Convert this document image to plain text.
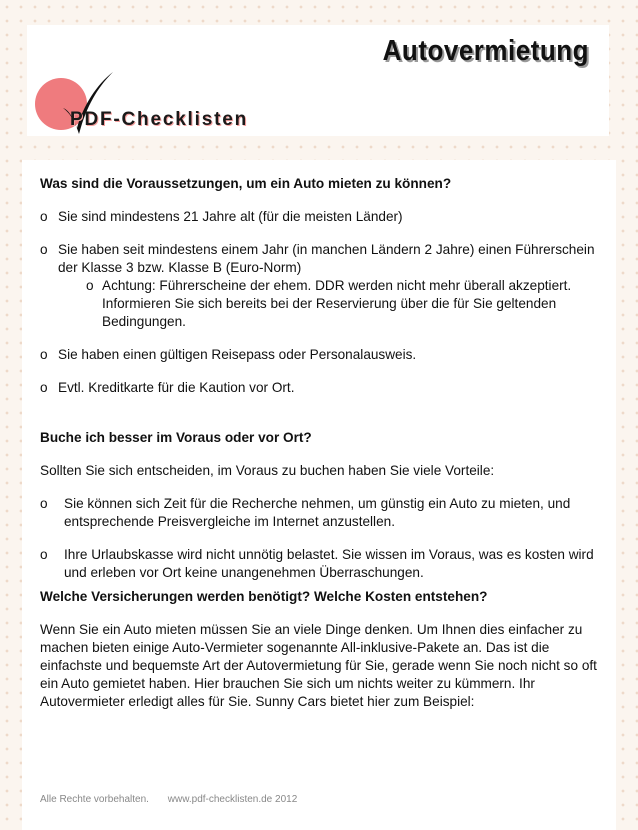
Autovermietung
PDF-Checklisten

Was sind die Voraussetzungen, um ein Auto mieten zu können?

o Sie sind mindestens 21 Jahre alt (für die meisten Länder)
o Sie haben seit mindestens einem Jahr (in manchen Ländern 2 Jahre) einen Führerschein der Klasse 3 bzw. Klasse B (Euro-Norm)
o Achtung: Führerscheine der ehem. DDR werden nicht mehr überall akzeptiert. Informieren Sie sich bereits bei der Reservierung über die für Sie geltenden Bedingungen.
o Sie haben einen gültigen Reisepass oder Personalausweis.
o Evtl. Kreditkarte für die Kaution vor Ort.

Buche ich besser im Voraus oder vor Ort?

Sollten Sie sich entscheiden, im Voraus zu buchen haben Sie viele Vorteile:

o	Sie können sich Zeit für die Recherche nehmen, um günstig ein Auto zu mieten, und entsprechende Preisvergleiche im Internet anzustellen.
o	Ihre Urlaubskasse wird nicht unnötig belastet. Sie wissen im Voraus, was es kosten wird und erleben vor Ort keine unangenehmen Überraschungen.

Welche Versicherungen werden benötigt? Welche Kosten entstehen?

Wenn Sie ein Auto mieten müssen Sie an viele Dinge denken. Um Ihnen dies einfacher zu machen bieten einige Auto-Vermieter sogenannte All-inklusive-Pakete an. Das ist die einfachste und bequemste Art der Autovermietung für Sie, gerade wenn Sie noch nicht so oft ein Auto gemietet haben. Hier brauchen Sie sich um nichts weiter zu kümmern. Ihr Autovermieter erledigt alles für Sie. Sunny Cars bietet hier zum Beispiel:

Alle Rechte vorbehalten. www.pdf-checklisten.de 2012
